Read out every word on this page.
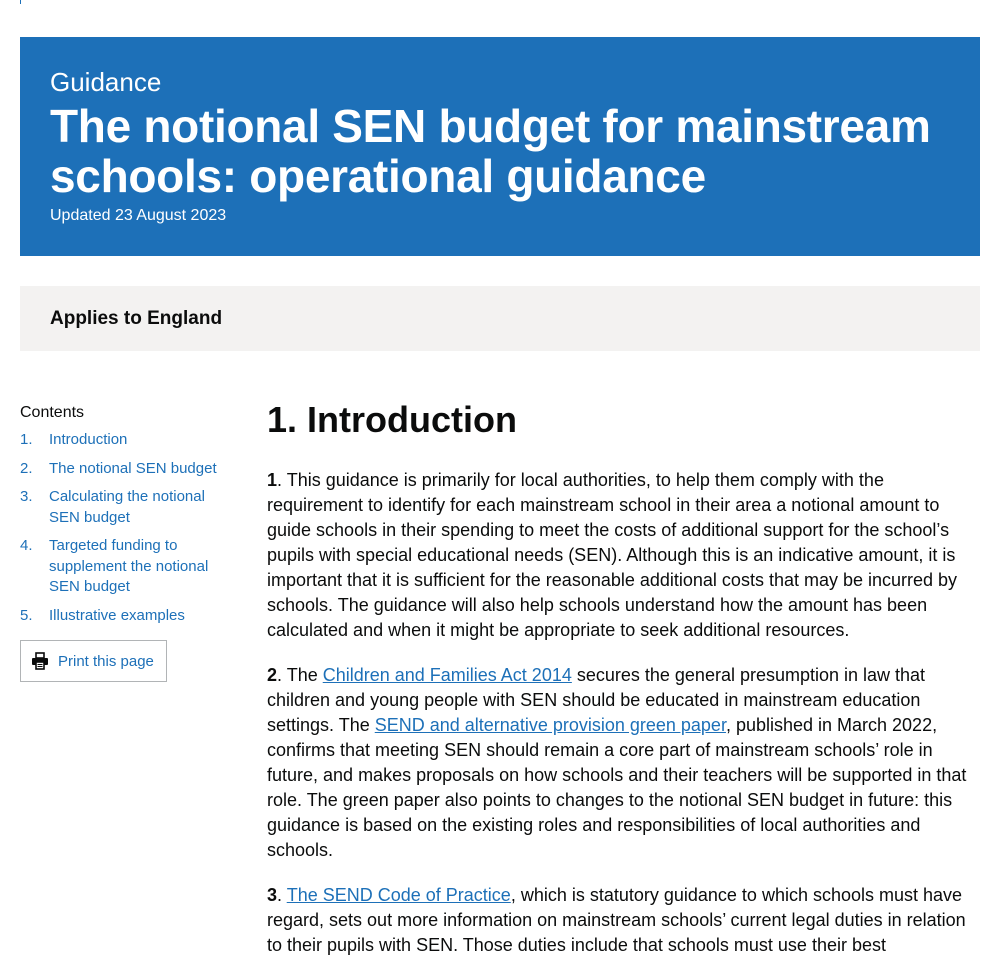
Guidance
The notional SEN budget for mainstream schools: operational guidance
Updated 23 August 2023
Applies to England
Contents
1.	Introduction
2.	The notional SEN budget
3.	Calculating the notional SEN budget
4.	Targeted funding to supplement the notional SEN budget
5.	Illustrative examples
Print this page
1. Introduction

1. This guidance is primarily for local authorities, to help them comply with the requirement to identify for each mainstream school in their area a notional amount to guide schools in their spending to meet the costs of additional support for the school’s pupils with special educational needs (SEN). Although this is an indicative amount, it is important that it is sufficient for the reasonable additional costs that may be incurred by schools. The guidance will also help schools understand how the amount has been calculated and when it might be appropriate to seek additional resources.

2. The Children and Families Act 2014 secures the general presumption in law that children and young people with SEN should be educated in mainstream education settings. The SEND and alternative provision green paper, published in March 2022, confirms that meeting SEN should remain a core part of mainstream schools’ role in future, and makes proposals on how schools and their teachers will be supported in that role. The green paper also points to changes to the notional SEN budget in future: this guidance is based on the existing roles and responsibilities of local authorities and schools.

3. The SEND Code of Practice, which is statutory guidance to which schools must have regard, sets out more information on mainstream schools’ current legal duties in relation to their pupils with SEN. Those duties include that schools must use their best
